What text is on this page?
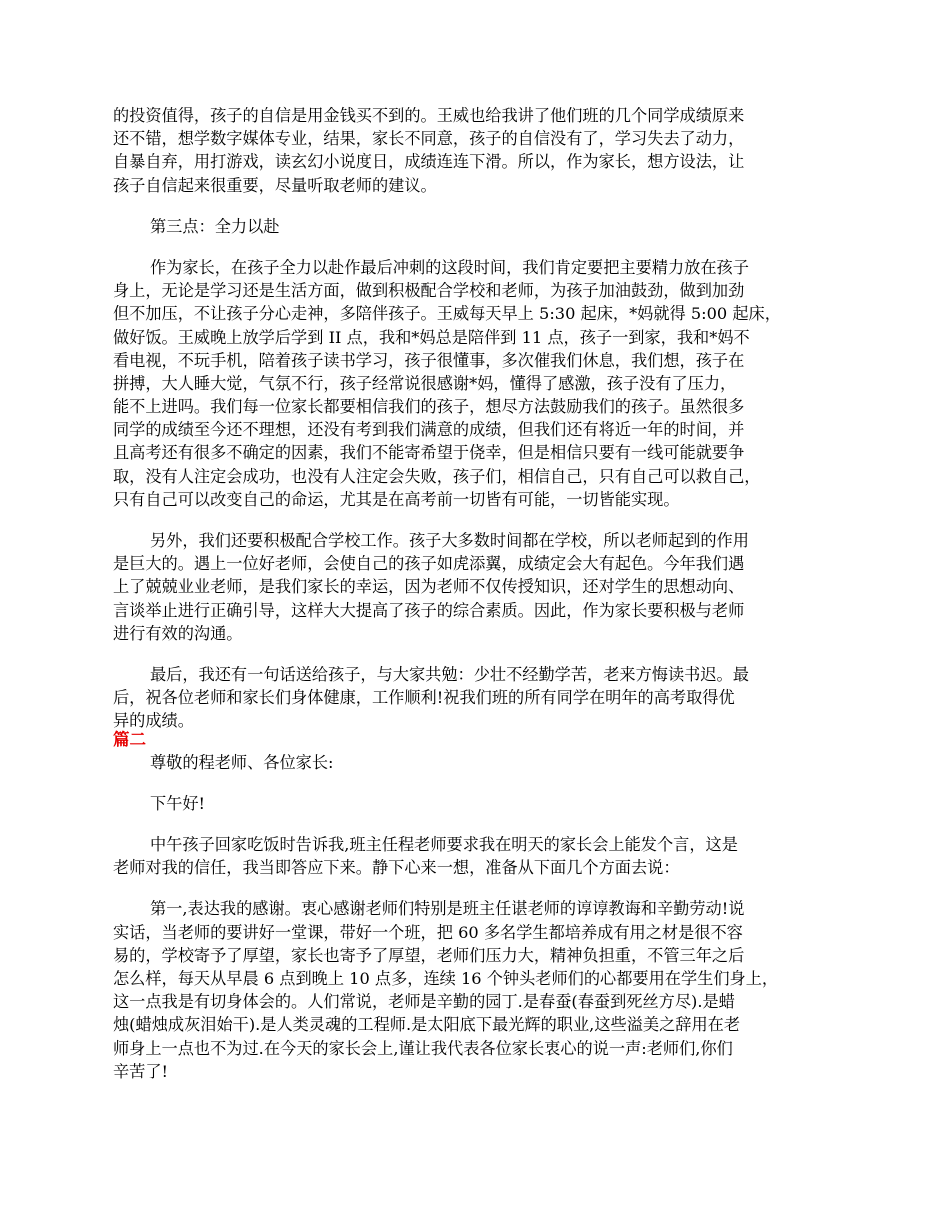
的投资值得，孩子的自信是用金钱买不到的。王威也给我讲了他们班的几个同学成绩原来
还不错，想学数字媒体专业，结果，家长不同意，孩子的自信没有了，学习失去了动力，
自暴自弃，用打游戏，读玄幻小说度日，成绩连连下滑。所以，作为家长，想方设法，让
孩子自信起来很重要，尽量听取老师的建议。
第三点：全力以赴
作为家长，在孩子全力以赴作最后冲刺的这段时间，我们肯定要把主要精力放在孩子
身上，无论是学习还是生活方面，做到积极配合学校和老师，为孩子加油鼓劲，做到加劲
但不加压，不让孩子分心走神，多陪伴孩子。王威每天早上 5:30 起床，*妈就得 5:00 起床，
做好饭。王威晚上放学后学到 II 点，我和*妈总是陪伴到 11 点，孩子一到家，我和*妈不
看电视，不玩手机，陪着孩子读书学习，孩子很懂事，多次催我们休息，我们想，孩子在
拼搏，大人睡大觉，气氛不行，孩子经常说很感谢*妈，懂得了感激，孩子没有了压力，
能不上进吗。我们每一位家长都要相信我们的孩子，想尽方法鼓励我们的孩子。虽然很多
同学的成绩至今还不理想，还没有考到我们满意的成绩，但我们还有将近一年的时间，并
且高考还有很多不确定的因素，我们不能寄希望于侥幸，但是相信只要有一线可能就要争
取，没有人注定会成功，也没有人注定会失败，孩子们，相信自己，只有自己可以救自己，
只有自己可以改变自己的命运，尤其是在高考前一切皆有可能，一切皆能实现。
另外，我们还要积极配合学校工作。孩子大多数时间都在学校，所以老师起到的作用
是巨大的。遇上一位好老师，会使自己的孩子如虎添翼，成绩定会大有起色。今年我们遇
上了兢兢业业老师，是我们家长的幸运，因为老师不仅传授知识，还对学生的思想动向、
言谈举止进行正确引导，这样大大提高了孩子的综合素质。因此，作为家长要积极与老师
进行有效的沟通。
最后，我还有一句话送给孩子，与大家共勉：少壮不经勤学苦，老来方悔读书迟。最
后，祝各位老师和家长们身体健康，工作顺利!祝我们班的所有同学在明年的高考取得优
异的成绩。
篇二
尊敬的程老师、各位家长:
下午好!
中午孩子回家吃饭时告诉我,班主任程老师要求我在明天的家长会上能发个言，这是
老师对我的信任，我当即答应下来。静下心来一想，准备从下面几个方面去说：
第一,表达我的感谢。衷心感谢老师们特别是班主任谌老师的谆谆教诲和辛勤劳动!说
实话，当老师的要讲好一堂课，带好一个班，把 60 多名学生都培养成有用之材是很不容
易的，学校寄予了厚望，家长也寄予了厚望，老师们压力大，精神负担重，不管三年之后
怎么样，每天从早晨 6 点到晚上 10 点多，连续 16 个钟头老师们的心都要用在学生们身上，
这一点我是有切身体会的。人们常说，老师是辛勤的园丁.是春蚕(春蚕到死丝方尽).是蜡
烛(蜡烛成灰泪始干).是人类灵魂的工程师.是太阳底下最光辉的职业,这些溢美之辞用在老
师身上一点也不为过.在今天的家长会上,谨让我代表各位家长衷心的说一声:老师们,你们
辛苦了!
